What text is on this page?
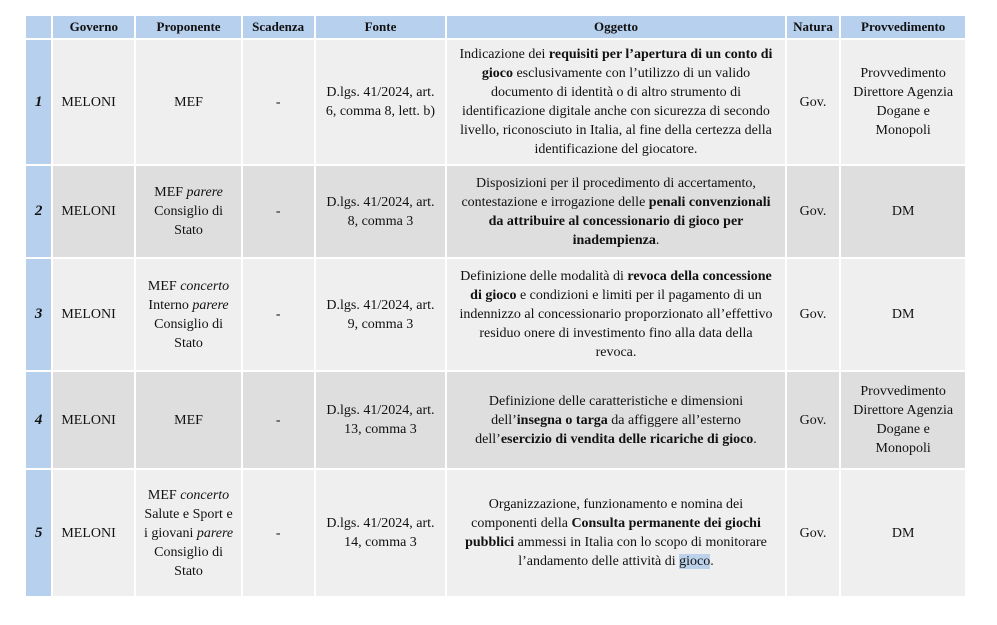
	Governo	Proponente	Scadenza	Fonte	Oggetto	Natura	Provvedimento
1	MELONI	MEF	-	D.lgs. 41/2024, art. 6, comma 8, lett. b)	Indicazione dei requisiti per l’apertura di un conto di gioco esclusivamente con l’utilizzo di un valido documento di identità o di altro strumento di identificazione digitale anche con sicurezza di secondo livello, riconosciuto in Italia, al fine della certezza della identificazione del giocatore.	Gov.	Provvedimento Direttore Agenzia Dogane e Monopoli
2	MELONI	MEF parere Consiglio di Stato	-	D.lgs. 41/2024, art. 8, comma 3	Disposizioni per il procedimento di accertamento, contestazione e irrogazione delle penali convenzionali da attribuire al concessionario di gioco per inadempienza.	Gov.	DM
3	MELONI	MEF concerto Interno parere Consiglio di Stato	-	D.lgs. 41/2024, art. 9, comma 3	Definizione delle modalità di revoca della concessione di gioco e condizioni e limiti per il pagamento di un indennizzo al concessionario proporzionato all’effettivo residuo onere di investimento fino alla data della revoca.	Gov.	DM
4	MELONI	MEF	-	D.lgs. 41/2024, art. 13, comma 3	Definizione delle caratteristiche e dimensioni dell’insegna o targa da affiggere all’esterno dell’esercizio di vendita delle ricariche di gioco.	Gov.	Provvedimento Direttore Agenzia Dogane e Monopoli
5	MELONI	MEF concerto Salute e Sport e i giovani parere Consiglio di Stato	-	D.lgs. 41/2024, art. 14, comma 3	Organizzazione, funzionamento e nomina dei componenti della Consulta permanente dei giochi pubblici ammessi in Italia con lo scopo di monitorare l’andamento delle attività di gioco.	Gov.	DM
